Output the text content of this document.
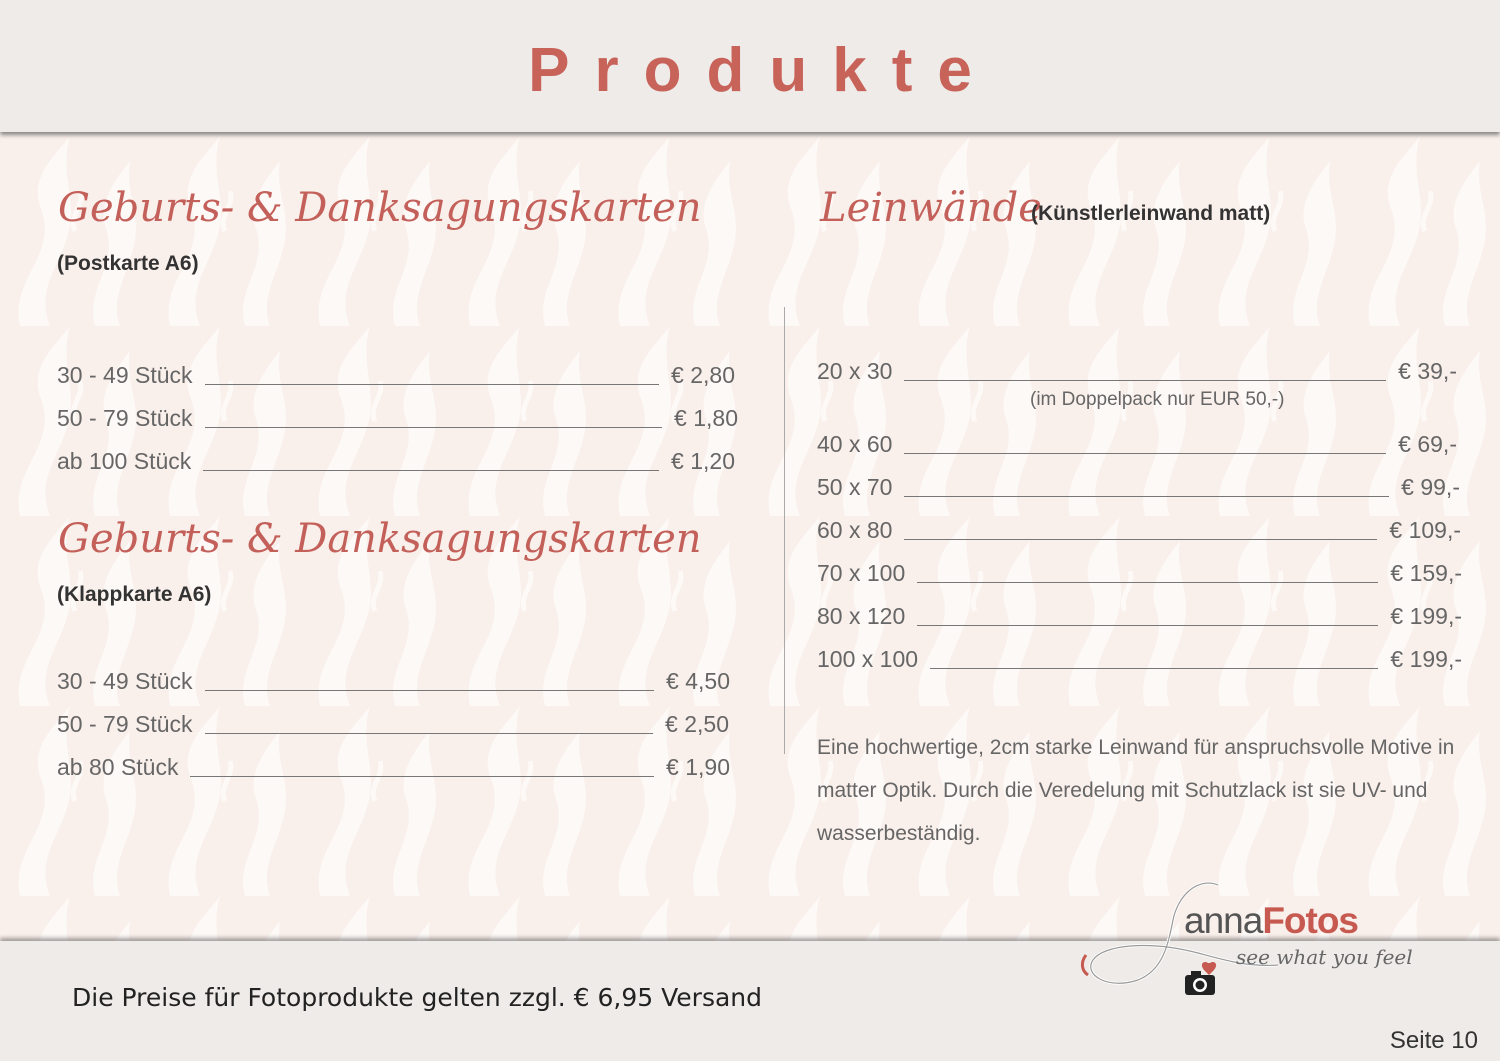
Produkte
Geburts- & Danksagungskarten
(Postkarte A6)
30 - 49 Stück	€ 2,80
50 - 79 Stück	€ 1,80
ab 100 Stück	€ 1,20
Geburts- & Danksagungskarten
(Klappkarte A6)
30 - 49 Stück	€ 4,50
50 - 79 Stück	€ 2,50
ab 80 Stück	€ 1,90
Leinwände
(Künstlerleinwand matt)
20 x 30	€ 39,-
(im Doppelpack nur EUR 50,-)
40 x 60	€ 69,-
50 x 70	€ 99,-
60 x 80	€ 109,-
70 x 100	€ 159,-
80 x 120	€ 199,-
100 x 100	€ 199,-
Eine hochwertige, 2cm starke Leinwand für anspruchsvolle Motive in matter Optik. Durch die Veredelung mit Schutzlack ist sie UV- und wasserbeständig.
Die Preise für Fotoprodukte gelten zzgl. € 6,95 Versand
Seite 10
annaFotos
see what you feel
